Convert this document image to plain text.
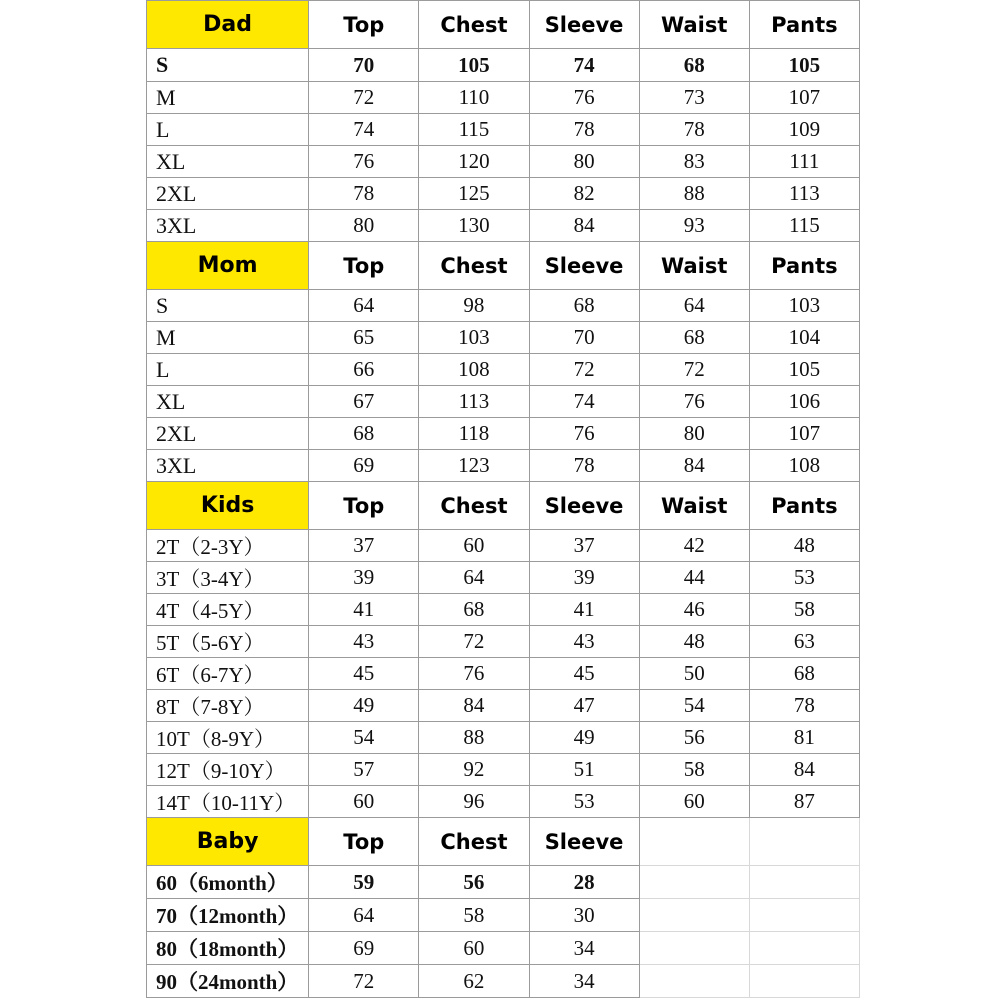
Dad	Top	Chest	Sleeve	Waist	Pants
S	70	105	74	68	105
M	72	110	76	73	107
L	74	115	78	78	109
XL	76	120	80	83	111
2XL	78	125	82	88	113
3XL	80	130	84	93	115
Mom	Top	Chest	Sleeve	Waist	Pants
S	64	98	68	64	103
M	65	103	70	68	104
L	66	108	72	72	105
XL	67	113	74	76	106
2XL	68	118	76	80	107
3XL	69	123	78	84	108
Kids	Top	Chest	Sleeve	Waist	Pants
2T（2-3Y）	37	60	37	42	48
3T（3-4Y）	39	64	39	44	53
4T（4-5Y）	41	68	41	46	58
5T（5-6Y）	43	72	43	48	63
6T（6-7Y）	45	76	45	50	68
8T（7-8Y）	49	84	47	54	78
10T（8-9Y）	54	88	49	56	81
12T（9-10Y）	57	92	51	58	84
14T（10-11Y）	60	96	53	60	87
Baby	Top	Chest	Sleeve		
60（6month）	59	56	28		
70（12month）	64	58	30		
80（18month）	69	60	34		
90（24month）	72	62	34		
